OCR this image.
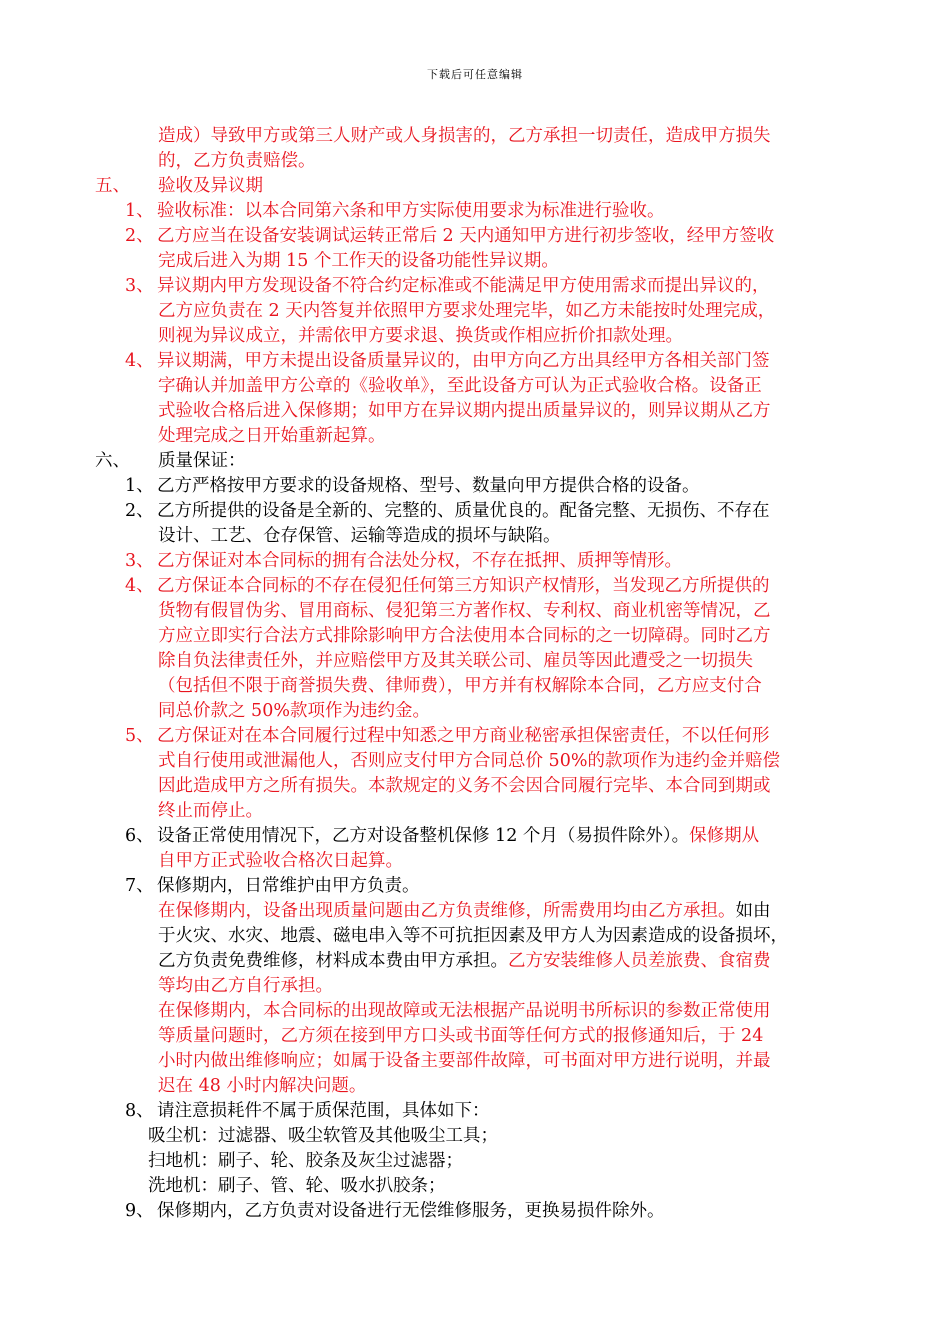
下载后可任意编辑
造成）导致甲方或第三人财产或人身损害的，乙方承担一切责任，造成甲方损失
的，乙方负责赔偿。
五、 验收及异议期
1、 验收标准：以本合同第六条和甲方实际使用要求为标准进行验收。
2、 乙方应当在设备安装调试运转正常后 2 天内通知甲方进行初步签收，经甲方签收
完成后进入为期 15 个工作天的设备功能性异议期。
3、 异议期内甲方发现设备不符合约定标准或不能满足甲方使用需求而提出异议的，
乙方应负责在 2 天内答复并依照甲方要求处理完毕，如乙方未能按时处理完成，
则视为异议成立，并需依甲方要求退、换货或作相应折价扣款处理。
4、 异议期满，甲方未提出设备质量异议的，由甲方向乙方出具经甲方各相关部门签
字确认并加盖甲方公章的《验收单》，至此设备方可认为正式验收合格。设备正
式验收合格后进入保修期；如甲方在异议期内提出质量异议的，则异议期从乙方
处理完成之日开始重新起算。
六、 质量保证：
1、 乙方严格按甲方要求的设备规格、型号、数量向甲方提供合格的设备。
2、 乙方所提供的设备是全新的、完整的、质量优良的。配备完整、无损伤、不存在
设计、工艺、仓存保管、运输等造成的损坏与缺陷。
3、 乙方保证对本合同标的拥有合法处分权，不存在抵押、质押等情形。
4、 乙方保证本合同标的不存在侵犯任何第三方知识产权情形，当发现乙方所提供的
货物有假冒伪劣、冒用商标、侵犯第三方著作权、专利权、商业机密等情况，乙
方应立即实行合法方式排除影响甲方合法使用本合同标的之一切障碍。同时乙方
除自负法律责任外，并应赔偿甲方及其关联公司、雇员等因此遭受之一切损失
（包括但不限于商誉损失费、律师费），甲方并有权解除本合同，乙方应支付合
同总价款之 50%款项作为违约金。
5、 乙方保证对在本合同履行过程中知悉之甲方商业秘密承担保密责任，不以任何形
式自行使用或泄漏他人，否则应支付甲方合同总价 50%的款项作为违约金并赔偿
因此造成甲方之所有损失。本款规定的义务不会因合同履行完毕、本合同到期或
终止而停止。
6、 设备正常使用情况下，乙方对设备整机保修 12 个月（易损件除外）。保修期从
自甲方正式验收合格次日起算。
7、 保修期内，日常维护由甲方负责。
在保修期内，设备出现质量问题由乙方负责维修，所需费用均由乙方承担。如由
于火灾、水灾、地震、磁电串入等不可抗拒因素及甲方人为因素造成的设备损坏，
乙方负责免费维修，材料成本费由甲方承担。乙方安装维修人员差旅费、食宿费
等均由乙方自行承担。
在保修期内，本合同标的出现故障或无法根据产品说明书所标识的参数正常使用
等质量问题时，乙方须在接到甲方口头或书面等任何方式的报修通知后，于 24
小时内做出维修响应；如属于设备主要部件故障，可书面对甲方进行说明，并最
迟在 48 小时内解决问题。
8、 请注意损耗件不属于质保范围，具体如下：
吸尘机：过滤器、吸尘软管及其他吸尘工具；
扫地机：刷子、轮、胶条及灰尘过滤器；
洗地机：刷子、管、轮、吸水扒胶条；
9、 保修期内，乙方负责对设备进行无偿维修服务，更换易损件除外。
